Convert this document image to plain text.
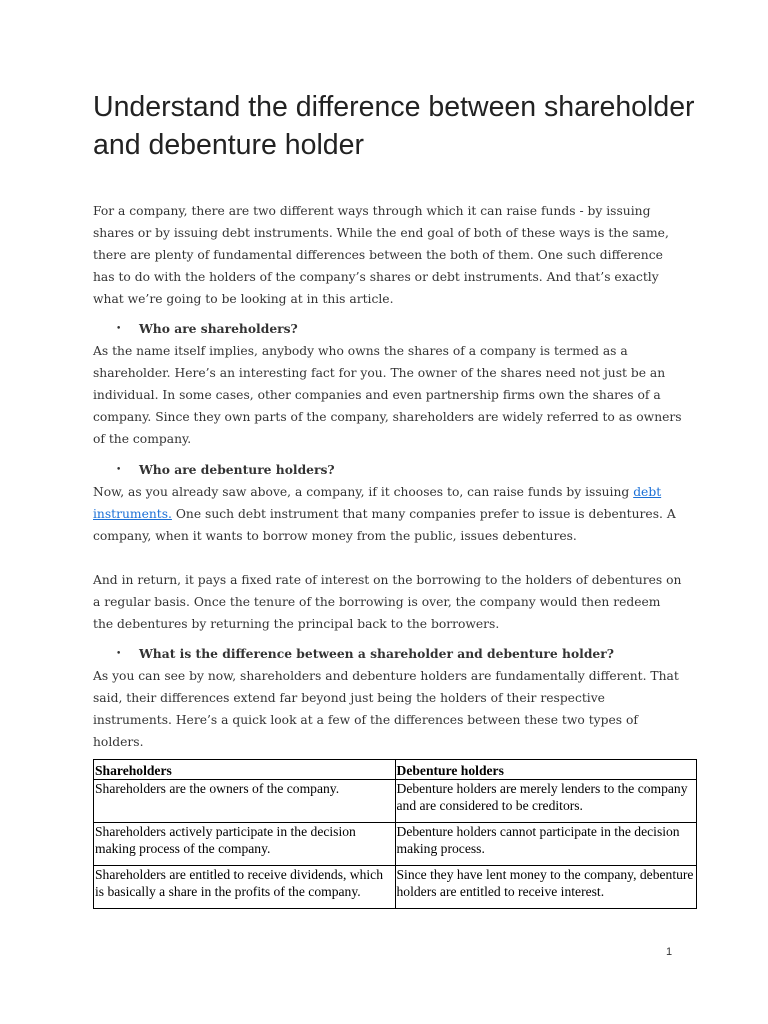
Understand the difference between shareholder and debenture holder

For a company, there are two different ways through which it can raise funds - by issuing shares or by issuing debt instruments. While the end goal of both of these ways is the same, there are plenty of fundamental differences between the both of them. One such difference has to do with the holders of the company’s shares or debt instruments. And that’s exactly what we’re going to be looking at in this article.

• Who are shareholders?

As the name itself implies, anybody who owns the shares of a company is termed as a shareholder. Here’s an interesting fact for you. The owner of the shares need not just be an individual. In some cases, other companies and even partnership firms own the shares of a company. Since they own parts of the company, shareholders are widely referred to as owners of the company.

• Who are debenture holders?

Now, as you already saw above, a company, if it chooses to, can raise funds by issuing debt instruments. One such debt instrument that many companies prefer to issue is debentures. A company, when it wants to borrow money from the public, issues debentures.

And in return, it pays a fixed rate of interest on the borrowing to the holders of debentures on a regular basis. Once the tenure of the borrowing is over, the company would then redeem the debentures by returning the principal back to the borrowers.

• What is the difference between a shareholder and debenture holder?

As you can see by now, shareholders and debenture holders are fundamentally different. That said, their differences extend far beyond just being the holders of their respective instruments. Here’s a quick look at a few of the differences between these two types of holders.

Shareholders	Debenture holders
Shareholders are the owners of the company.	Debenture holders are merely lenders to the company and are considered to be creditors.
Shareholders actively participate in the decision making process of the company.	Debenture holders cannot participate in the decision making process.
Shareholders are entitled to receive dividends, which is basically a share in the profits of the company.	Since they have lent money to the company, debenture holders are entitled to receive interest.
1
